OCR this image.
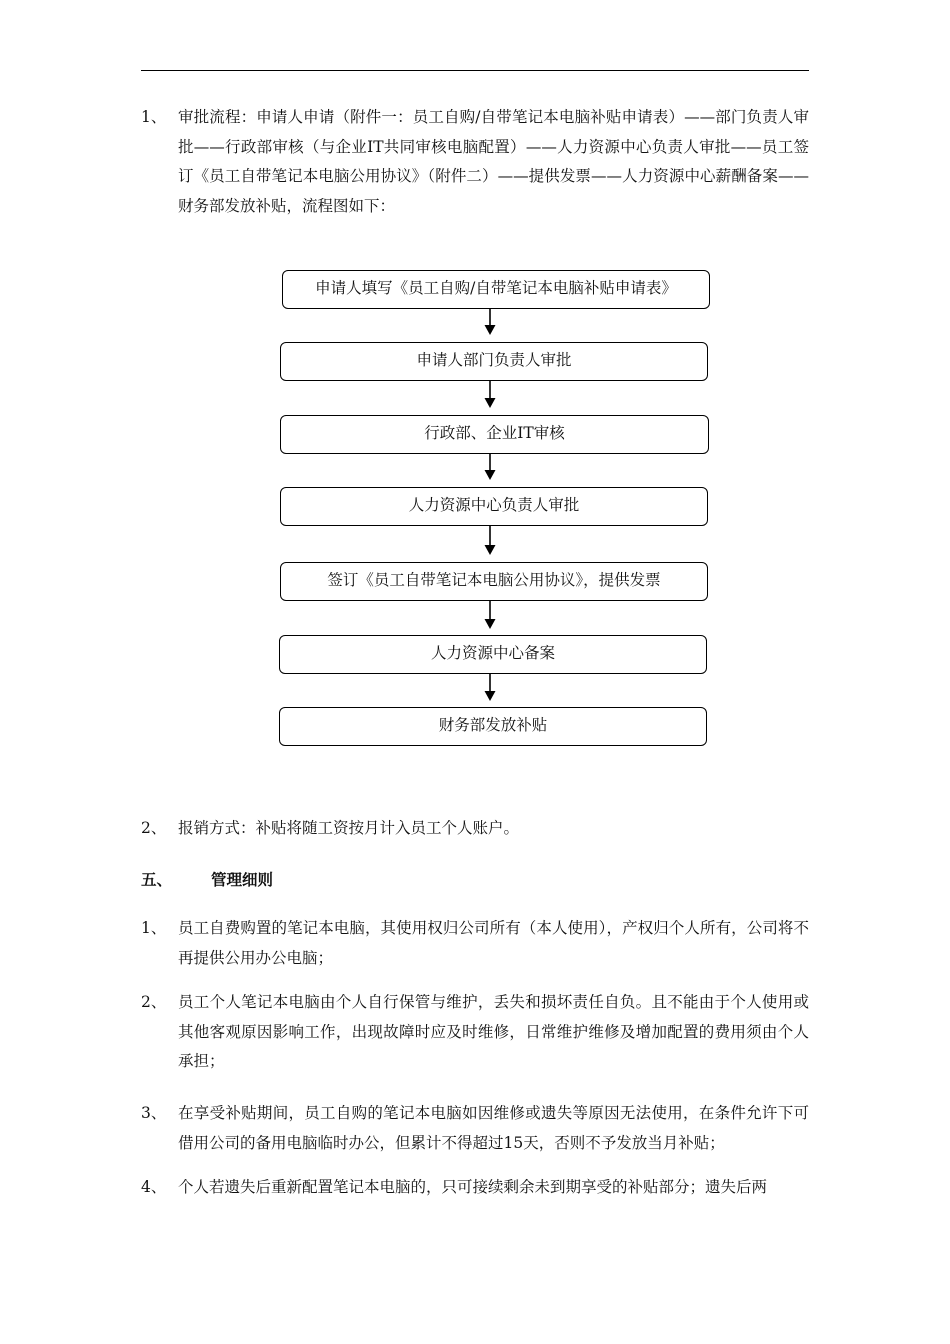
1、 审批流程：申请人申请（附件一：员工自购/自带笔记本电脑补贴申请表）——部门负责人审批——行政部审核（与企业IT共同审核电脑配置）——人力资源中心负责人审批——员工签订《员工自带笔记本电脑公用协议》（附件二）——提供发票——人力资源中心薪酬备案——财务部发放补贴，流程图如下：
申请人填写《员工自购/自带笔记本电脑补贴申请表》
申请人部门负责人审批
行政部、企业IT审核
人力资源中心负责人审批
签订《员工自带笔记本电脑公用协议》，提供发票
人力资源中心备案
财务部发放补贴
2、 报销方式：补贴将随工资按月计入员工个人账户。
五、	管理细则
1、 员工自费购置的笔记本电脑，其使用权归公司所有（本人使用），产权归个人所有，公司将不再提供公用办公电脑；
2、 员工个人笔记本电脑由个人自行保管与维护，丢失和损坏责任自负。且不能由于个人使用或其他客观原因影响工作，出现故障时应及时维修，日常维护维修及增加配置的费用须由个人承担；
3、 在享受补贴期间，员工自购的笔记本电脑如因维修或遗失等原因无法使用，在条件允许下可借用公司的备用电脑临时办公，但累计不得超过15天，否则不予发放当月补贴；
4、 个人若遗失后重新配置笔记本电脑的，只可接续剩余未到期享受的补贴部分；遗失后两
